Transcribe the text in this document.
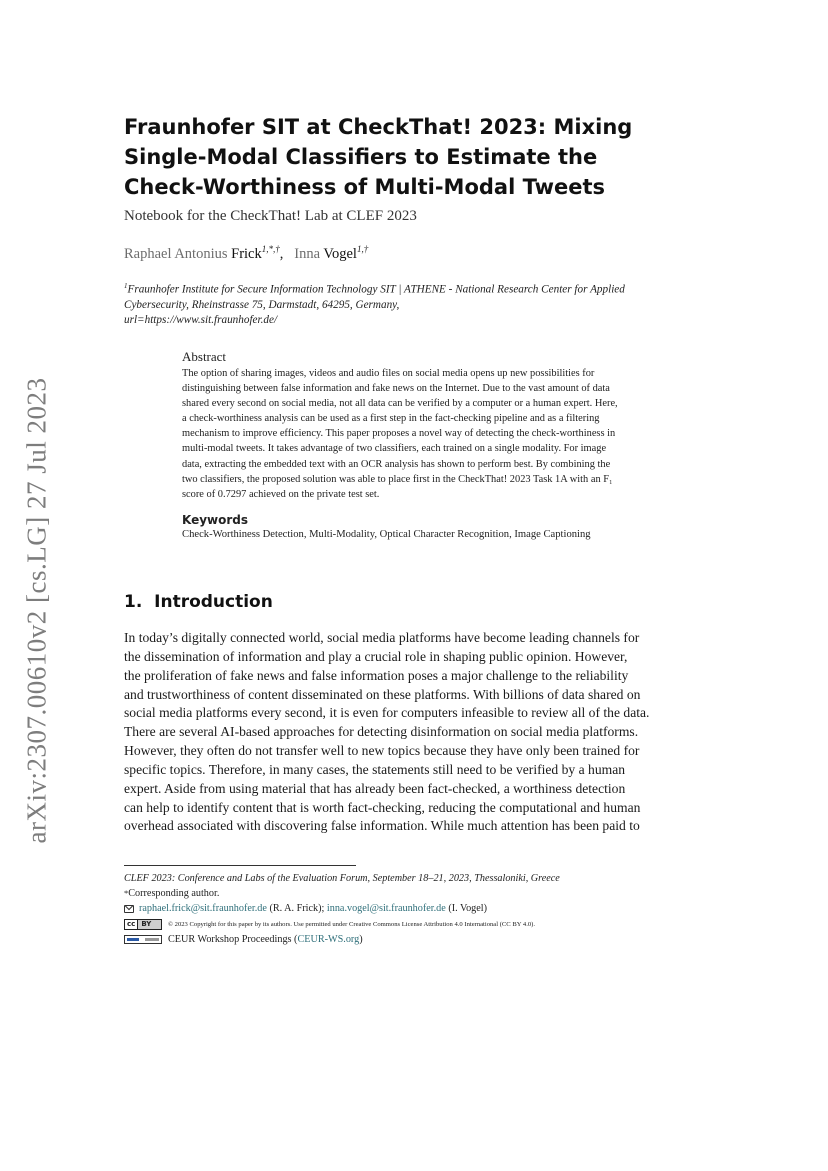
arXiv:2307.00610v2 [cs.LG] 27 Jul 2023
Fraunhofer SIT at CheckThat! 2023: Mixing
Single-Modal Classifiers to Estimate the
Check-Worthiness of Multi-Modal Tweets
Notebook for the CheckThat! Lab at CLEF 2023
Raphael Antonius Frick$^{1,*,\dagger}$,   Inna Vogel$^{1,\dagger}$
$^1$Fraunhofer Institute for Secure Information Technology SIT | ATHENE - National Research Center for Applied
Cybersecurity, Rheinstrasse 75, Darmstadt, 64295, Germany,
url=https://www.sit.fraunhofer.de/
Abstract
The option of sharing images, videos and audio files on social media opens up new possibilities for
distinguishing between false information and fake news on the Internet. Due to the vast amount of data
shared every second on social media, not all data can be verified by a computer or a human expert. Here,
a check-worthiness analysis can be used as a first step in the fact-checking pipeline and as a filtering
mechanism to improve efficiency. This paper proposes a novel way of detecting the check-worthiness in
multi-modal tweets. It takes advantage of two classifiers, each trained on a single modality. For image
data, extracting the embedded text with an OCR analysis has shown to perform best. By combining the
two classifiers, the proposed solution was able to place first in the CheckThat! 2023 Task 1A with an F₁
score of 0.7297 achieved on the private test set.
Keywords
Check-Worthiness Detection, Multi-Modality, Optical Character Recognition, Image Captioning
1. Introduction
In today’s digitally connected world, social media platforms have become leading channels for
the dissemination of information and play a crucial role in shaping public opinion. However,
the proliferation of fake news and false information poses a major challenge to the reliability
and trustworthiness of content disseminated on these platforms. With billions of data shared on
social media platforms every second, it is even for computers infeasible to review all of the data.
There are several AI-based approaches for detecting disinformation on social media platforms.
However, they often do not transfer well to new topics because they have only been trained for
specific topics. Therefore, in many cases, the statements still need to be verified by a human
expert. Aside from using material that has already been fact-checked, a worthiness detection
can help to identify content that is worth fact-checking, reducing the computational and human
overhead associated with discovering false information. While much attention has been paid to
CLEF 2023: Conference and Labs of the Evaluation Forum, September 18–21, 2023, Thessaloniki, Greece
* Corresponding author.
raphael.frick@sit.fraunhofer.de
(R. A. Frick);
inna.vogel@sit.fraunhofer.de
(I. Vogel)
cc BY	© 2023 Copyright for this paper by its authors. Use permitted under Creative Commons License Attribution 4.0 International (CC BY 4.0).
CEUR Workshop Proceedings ( CEUR-WS.org )
